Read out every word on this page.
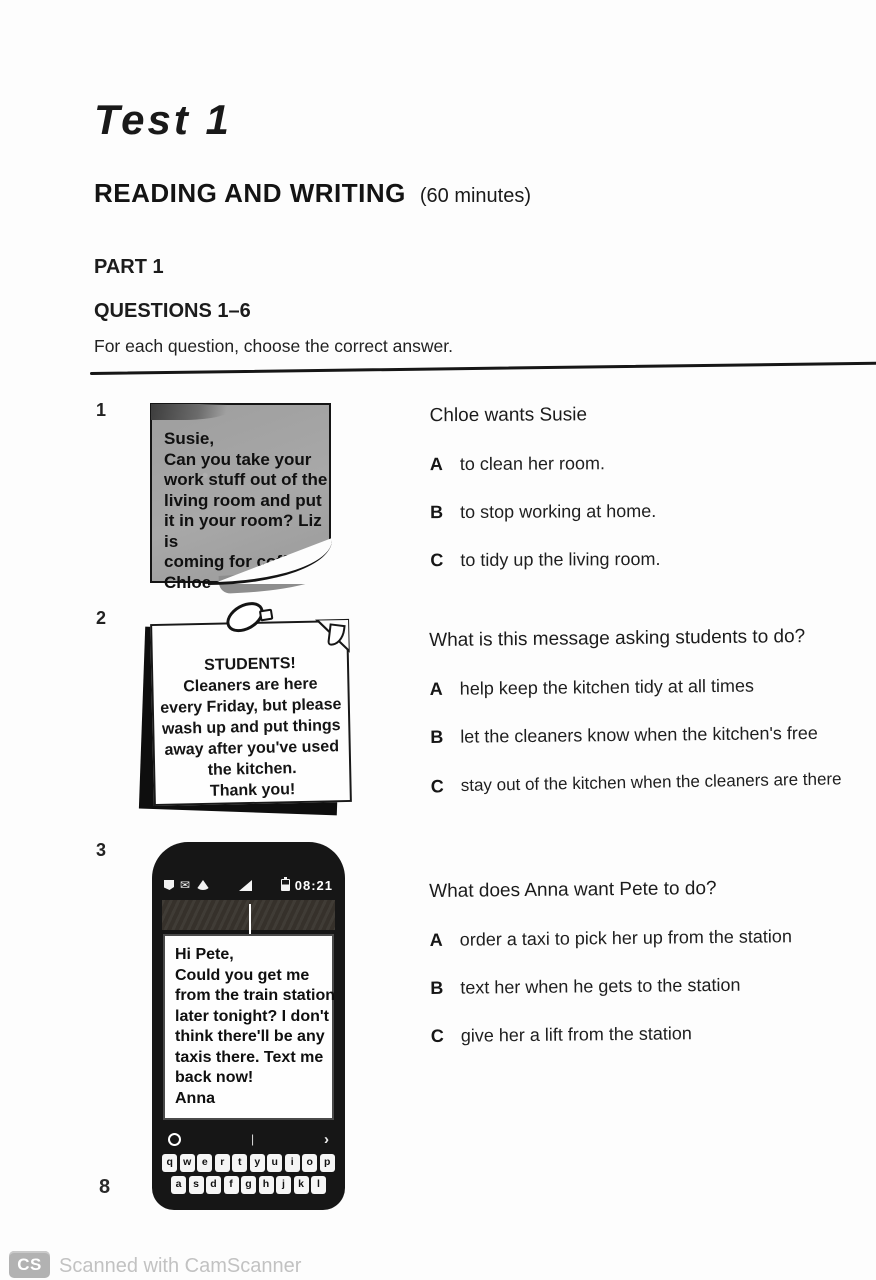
Test 1
READING AND WRITING (60 minutes)
PART 1
QUESTIONS 1–6
For each question, choose the correct answer.
1
Susie,
Can you take your
work stuff out of the
living room and put
it in your room? Liz is
coming for coffee.
Chloe
Chloe wants Susie
A to clean her room.
B to stop working at home.
C to tidy up the living room.
2
STUDENTS!
Cleaners are here
every Friday, but please
wash up and put things
away after you've used
the kitchen.
Thank you!
What is this message asking students to do?
A help keep the kitchen tidy at all times
B let the cleaners know when the kitchen's free
C stay out of the kitchen when the cleaners are there
3
✉	08:21
Hi Pete,
Could you get me
from the train station
later tonight? I don't
think there'll be any
taxis there. Text me
back now!
Anna
|	›
q w	e	r	t	y	u	i	o	p
a	s	d	f	g	h	j	k	l
What does Anna want Pete to do?
A order a taxi to pick her up from the station
B text her when he gets to the station
C give her a lift from the station
8
CS Scanned with CamScanner
